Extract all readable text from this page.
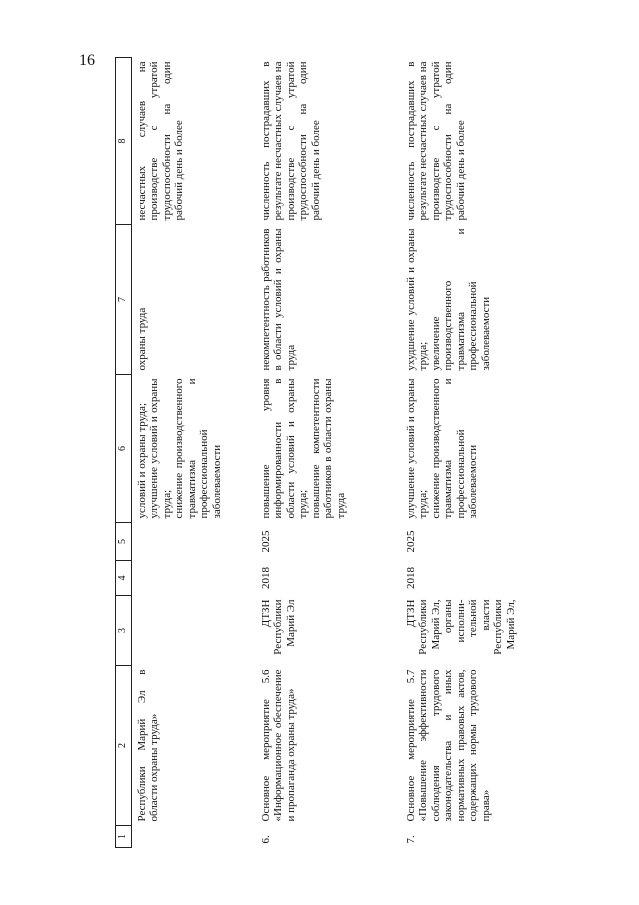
16
1	2	3	4	5	6	7	8
	Республики Марий Эл в области охраны труда»				условий и охраны труда;
улучшение условий и охраны труда;
снижение производственного травматизма и профессиональной заболеваемости	охраны труда	несчастных случаев на производстве с утратой трудоспособности на один рабочий день и более
6.	Основное мероприятие 5.6 «Информационное обеспечение и пропаганда охраны труда»	ДТЗН Республики Марий Эл	2018	2025	повышение уровня информированности в области условий и охраны труда;
повышение компетентности работников в области охраны труда	некомпетентность работников в области условий и охраны труда	численность пострадавших в результате несчастных случаев на производстве с утратой трудоспособности на один рабочий день и более
7.	Основное мероприятие 5.7 «Повышение эффективности соблюдения трудового законодательства и иных нормативных правовых актов, содержащих нормы трудового права»	ДТЗН Республики Марий Эл, органы исполни-тельной власти Республики Марий Эл,	2018	2025	улучшение условий и охраны труда;
снижение производственного травматизма и профессиональной заболеваемости	ухудшение условий и охраны труда;
увеличение производственного травматизма и профессиональной заболеваемости	численность пострадавших в результате несчастных случаев на производстве с утратой трудоспособности на один рабочий день и более
